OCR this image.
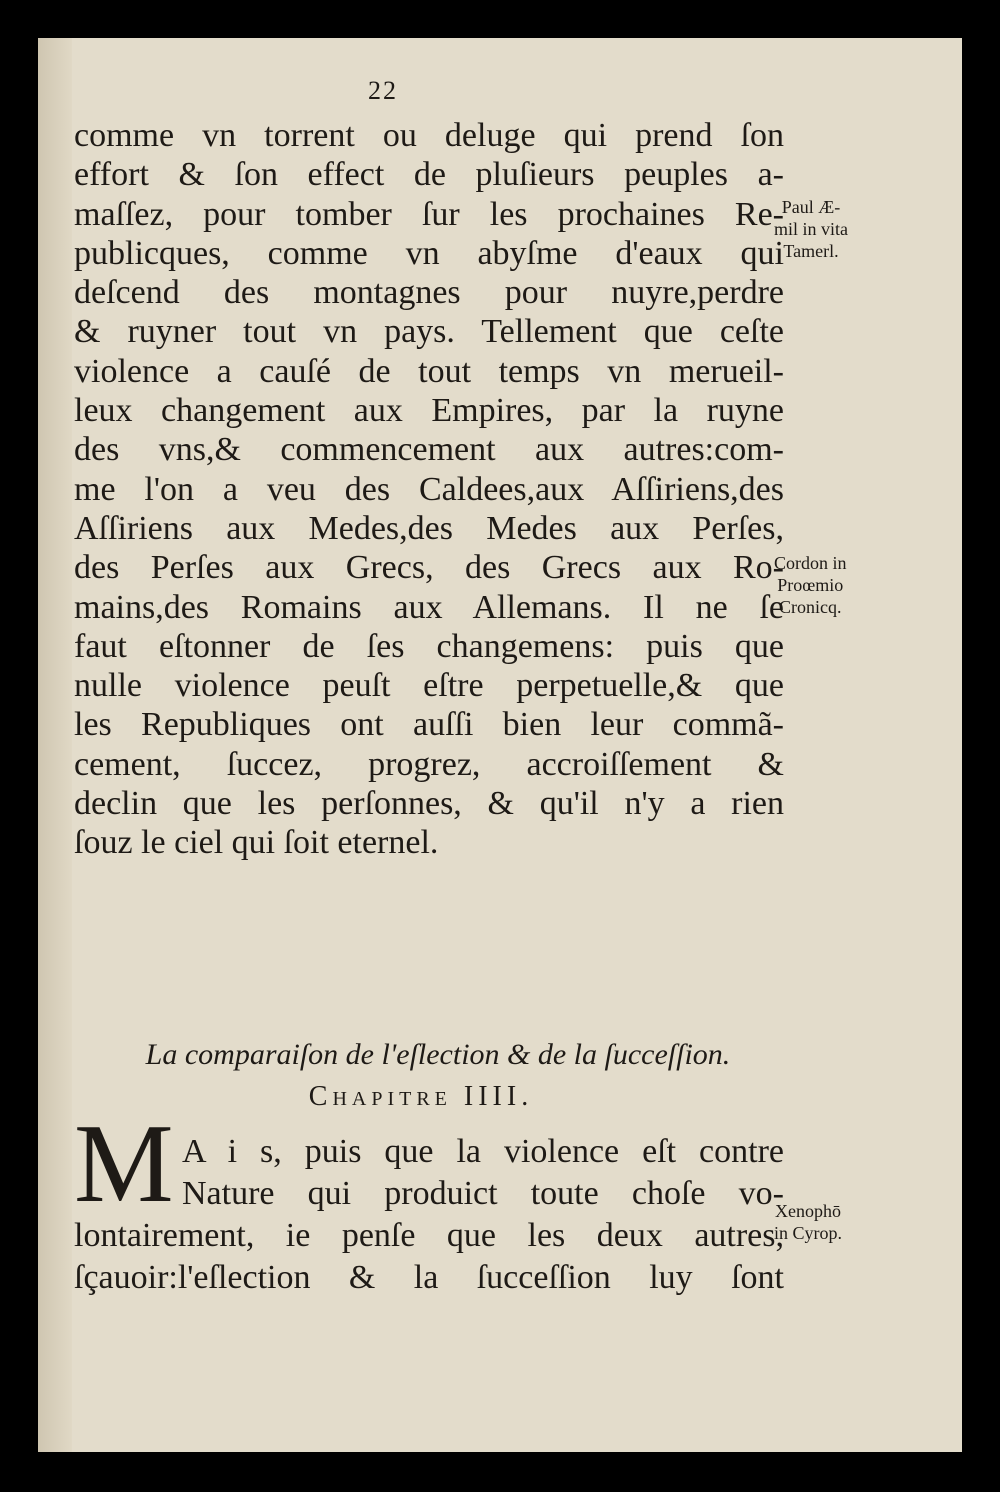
22
comme vn torrent ou deluge qui prend ſon
effort & ſon effect de pluſieurs peuples a-
maſſez, pour tomber ſur les prochaines Re-
publicques, comme vn abyſme d'eaux qui
deſcend des montagnes pour nuyre,perdre
& ruyner tout vn pays. Tellement que ceſte
violence a cauſé de tout temps vn merueil-
leux changement aux Empires, par la ruyne
des vns,& commencement aux autres:com-
me l'on a veu des Caldees,aux Aſſiriens,des
Aſſiriens aux Medes,des Medes aux Perſes,
des Perſes aux Grecs, des Grecs aux Ro-
mains,des Romains aux Allemans. Il ne ſe
faut eſtonner de ſes changemens: puis que
nulle violence peuſt eſtre perpetuelle,& que
les Republiques ont auſſi bien leur commã-
cement, ſuccez, progrez, accroiſſement &
declin que les perſonnes, & qu'il n'y a rien
ſouz le ciel qui ſoit eternel.
Paul Æ-
mil in vita
Tamerl.
Cordon in
Proœmio
Cronicq.
Xenophō
in Cyrop.
La comparaiſon de l'eſlection & de la ſucceſſion.
Chapitre IIII.
M A i s, puis que la violence eſt contre
Nature qui produict toute choſe vo-
lontairement, ie penſe que les deux autres,
ſçauoir:l'eſlection & la ſucceſſion luy ſont
